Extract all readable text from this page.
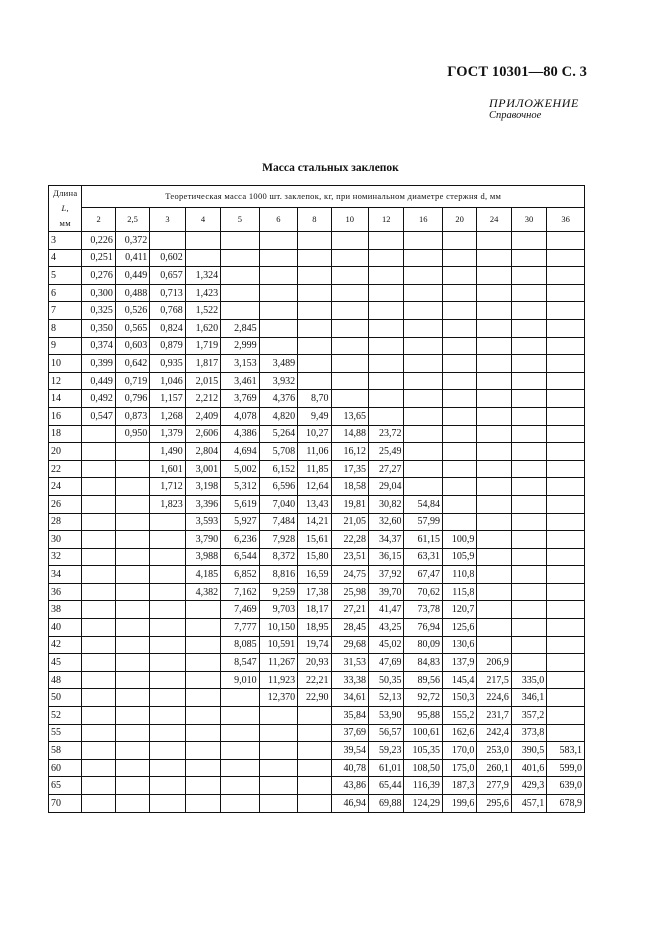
ГОСТ 10301—80 С. 3
ПРИЛОЖЕНИЕ
Справочное
Масса стальных заклепок
Длина
L,
мм	Теоретическая масса 1000 шт. заклепок, кг, при номинальном диаметре стержня d, мм													
	2	2,5	3	4	5	6	8	10	12	16	20	24	30	36
3	0,226	0,372												
4	0,251	0,411	0,602											
5	0,276	0,449	0,657	1,324										
6	0,300	0,488	0,713	1,423										
7	0,325	0,526	0,768	1,522										
8	0,350	0,565	0,824	1,620	2,845									
9	0,374	0,603	0,879	1,719	2,999									
10	0,399	0,642	0,935	1,817	3,153	3,489								
12	0,449	0,719	1,046	2,015	3,461	3,932								
14	0,492	0,796	1,157	2,212	3,769	4,376	8,70							
16	0,547	0,873	1,268	2,409	4,078	4,820	9,49	13,65						
18		0,950	1,379	2,606	4,386	5,264	10,27	14,88	23,72					
20			1,490	2,804	4,694	5,708	11,06	16,12	25,49					
22			1,601	3,001	5,002	6,152	11,85	17,35	27,27					
24			1,712	3,198	5,312	6,596	12,64	18,58	29,04					
26			1,823	3,396	5,619	7,040	13,43	19,81	30,82	54,84				
28				3,593	5,927	7,484	14,21	21,05	32,60	57,99				
30				3,790	6,236	7,928	15,61	22,28	34,37	61,15	100,9			
32				3,988	6,544	8,372	15,80	23,51	36,15	63,31	105,9			
34				4,185	6,852	8,816	16,59	24,75	37,92	67,47	110,8			
36				4,382	7,162	9,259	17,38	25,98	39,70	70,62	115,8			
38					7,469	9,703	18,17	27,21	41,47	73,78	120,7			
40					7,777	10,150	18,95	28,45	43,25	76,94	125,6			
42					8,085	10,591	19,74	29,68	45,02	80,09	130,6			
45					8,547	11,267	20,93	31,53	47,69	84,83	137,9	206,9		
48					9,010	11,923	22,21	33,38	50,35	89,56	145,4	217,5	335,0	
50						12,370	22,90	34,61	52,13	92,72	150,3	224,6	346,1	
52								35,84	53,90	95,88	155,2	231,7	357,2	
55								37,69	56,57	100,61	162,6	242,4	373,8	
58								39,54	59,23	105,35	170,0	253,0	390,5	583,1
60								40,78	61,01	108,50	175,0	260,1	401,6	599,0
65								43,86	65,44	116,39	187,3	277,9	429,3	639,0
70								46,94	69,88	124,29	199,6	295,6	457,1	678,9
